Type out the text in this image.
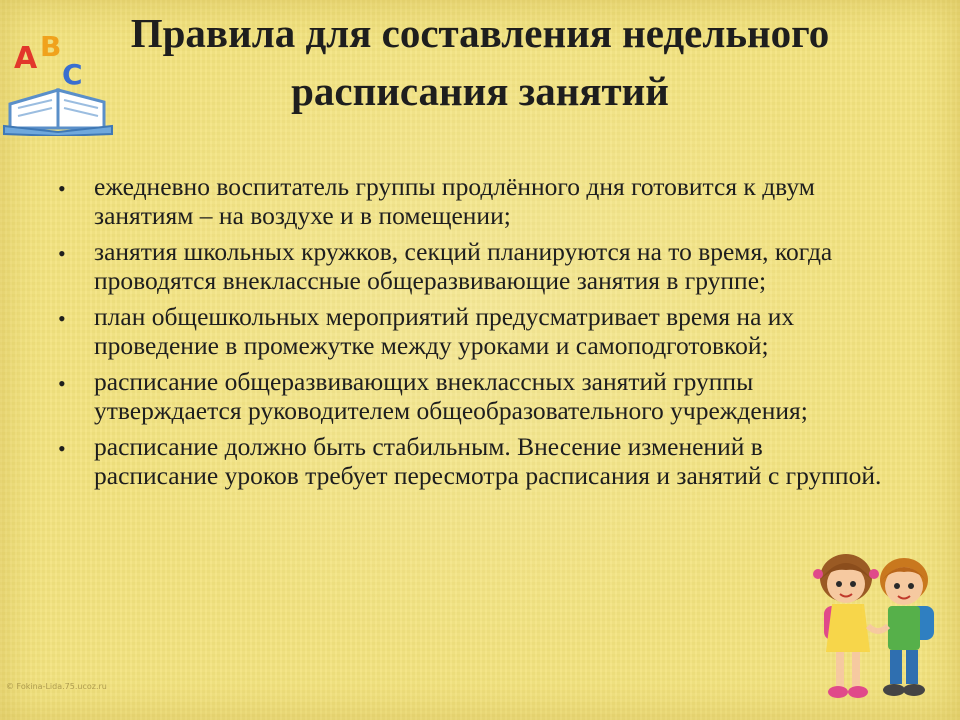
A B
C
Правила для составления недельного расписания занятий
• ежедневно воспитатель группы продлённого дня готовится к двум занятиям – на воздухе и в помещении;
• занятия школьных кружков, секций планируются на то время, когда проводятся внеклассные общеразвивающие занятия в группе;
• план общешкольных мероприятий предусматривает время на их проведение в промежутке между уроками и самоподготовкой;
• расписание общеразвивающих внеклассных занятий группы утверждается руководителем общеобразовательного учреждения;
• расписание должно быть стабильным. Внесение изменений в расписание уроков требует пересмотра расписания и занятий с группой.
© Fokina-Lida.75.ucoz.ru
